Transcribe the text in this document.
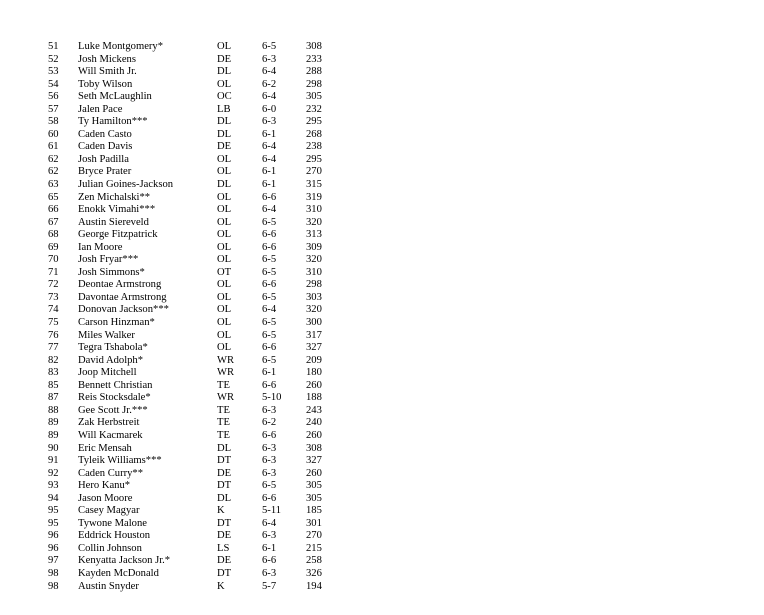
51 Luke Montgomery*	OL	6-5	308
52 Josh Mickens	DE	6-3	233
53 Will Smith Jr.	DL	6-4	288
54 Toby Wilson	OL	6-2	298
56 Seth McLaughlin	OC	6-4	305
57 Jalen Pace	LB	6-0	232
58 Ty Hamilton***	DL	6-3	295
60 Caden Casto	DL	6-1	268
61 Caden Davis	DE	6-4	238
62 Josh Padilla	OL	6-4	295
62 Bryce Prater	OL	6-1	270
63 Julian Goines-Jackson	DL	6-1	315
65 Zen Michalski**	OL	6-6	319
66 Enokk Vimahi***	OL	6-4	310
67 Austin Siereveld	OL	6-5	320
68 George Fitzpatrick	OL	6-6	313
69 Ian Moore	OL	6-6	309
70 Josh Fryar***	OL	6-5	320
71 Josh Simmons*	OT	6-5	310
72 Deontae Armstrong	OL	6-6	298
73 Davontae Armstrong	OL	6-5	303
74 Donovan Jackson***	OL	6-4	320
75 Carson Hinzman*	OL	6-5	300
76 Miles Walker	OL	6-5	317
77 Tegra Tshabola*	OL	6-6	327
82 David Adolph*	WR	6-5	209
83 Joop Mitchell	WR	6-1	180
85 Bennett Christian	TE	6-6	260
87 Reis Stocksdale*	WR	5-10 188
88 Gee Scott Jr.***	TE	6-3	243
89 Zak Herbstreit	TE	6-2	240
89 Will Kacmarek	TE	6-6	260
90 Eric Mensah	DL	6-3	308
91 Tyleik Williams***	DT	6-3	327
92 Caden Curry**	DE	6-3	260
93 Hero Kanu*	DT	6-5	305
94 Jason Moore	DL	6-6	305
95 Casey Magyar	K	5-11 185
95 Tywone Malone	DT	6-4	301
96 Eddrick Houston	DE	6-3	270
96 Collin Johnson	LS	6-1	215
97 Kenyatta Jackson Jr.*	DE	6-6	258
98 Kayden McDonald	DT	6-3	326
98 Austin Snyder	K	5-7	194
